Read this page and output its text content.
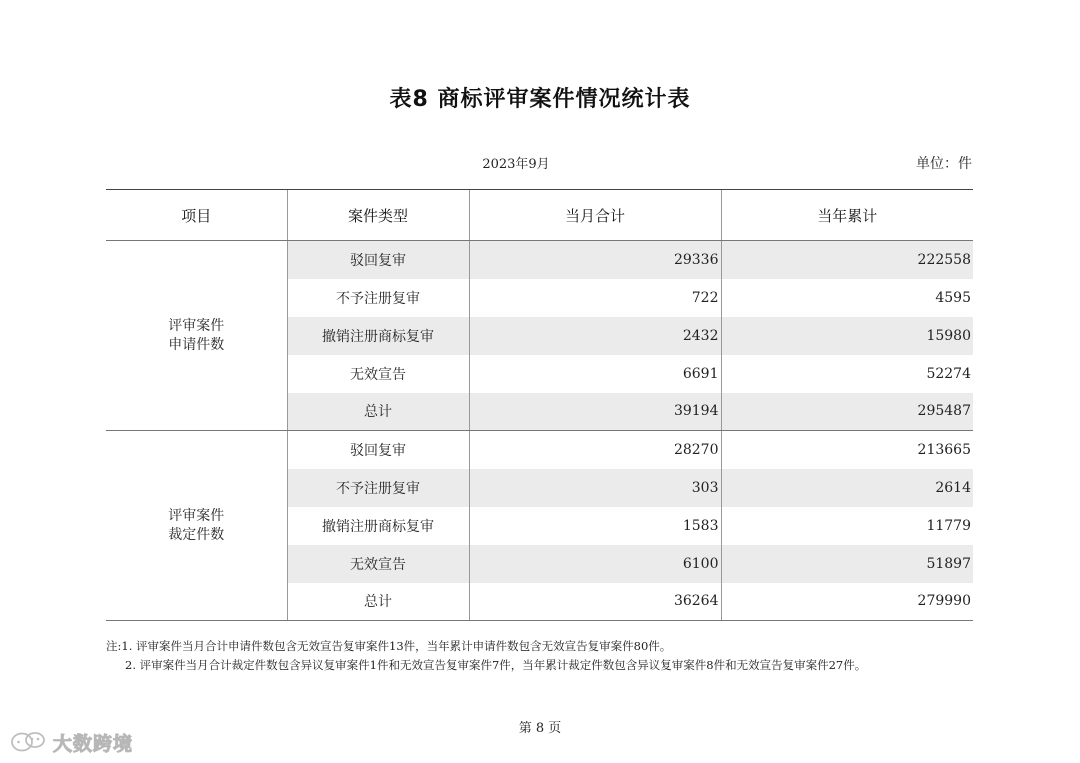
表8 商标评审案件情况统计表
2023年9月	单位：件
项目	案件类型	当月合计	当年累计
评审案件
申请件数	驳回复审	29336	222558
	不予注册复审	722	4595
	撤销注册商标复审	2432	15980
	无效宣告	6691	52274
	总计	39194	295487
评审案件
裁定件数	驳回复审	28270	213665
	不予注册复审	303	2614
	撤销注册商标复审	1583	11779
	无效宣告	6100	51897
	总计	36264	279990
注:1. 评审案件当月合计申请件数包含无效宣告复审案件13件，当年累计申请件数包含无效宣告复审案件80件。
2. 评审案件当月合计裁定件数包含异议复审案件1件和无效宣告复审案件7件，当年累计裁定件数包含异议复审案件8件和无效宣告复审案件27件。
第 8 页
大数跨境
